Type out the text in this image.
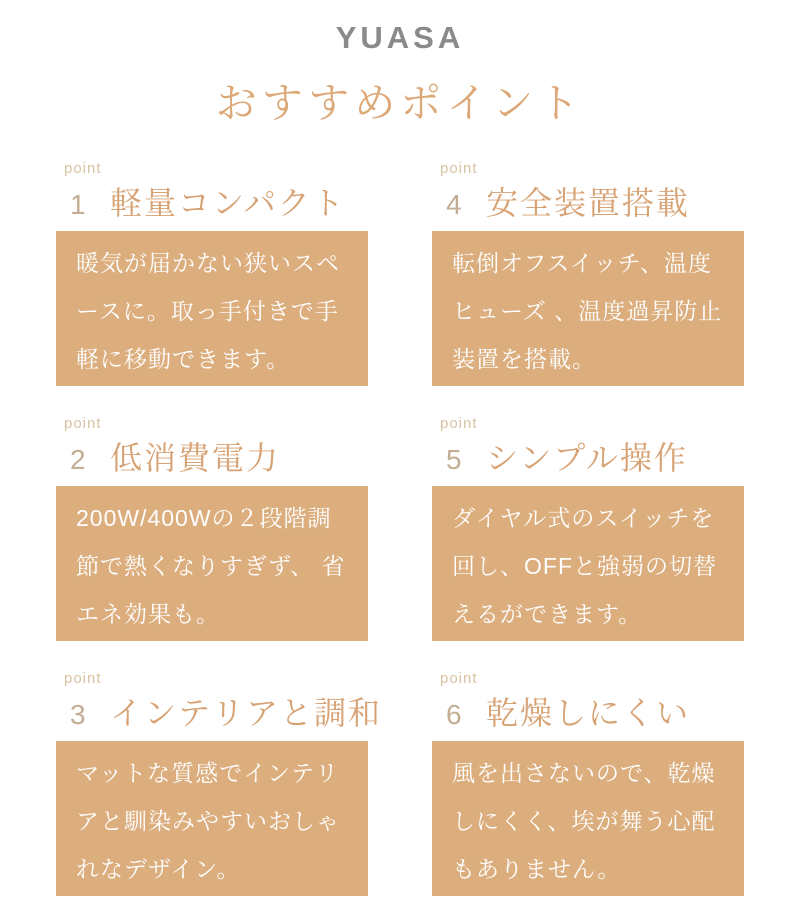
YUASA
おすすめポイント
point
1 軽量コンパクト
暖気が届かない狭いスペースに。取っ手付きで手軽に移動できます。
point
2 低消費電力
200W/400Wの２段階調節で熱くなりすぎず、 省エネ効果も。
point
3 インテリアと調和
マットな質感でインテリアと馴染みやすいおしゃれなデザイン。
point
4 安全装置搭載
転倒オフスイッチ、温度ヒューズ 、温度過昇防止装置を搭載。
point
5 シンプル操作
ダイヤル式のスイッチを回し、OFFと強弱の切替えるができます。
point
6 乾燥しにくい
風を出さないので、乾燥しにくく、埃が舞う心配もありません。
